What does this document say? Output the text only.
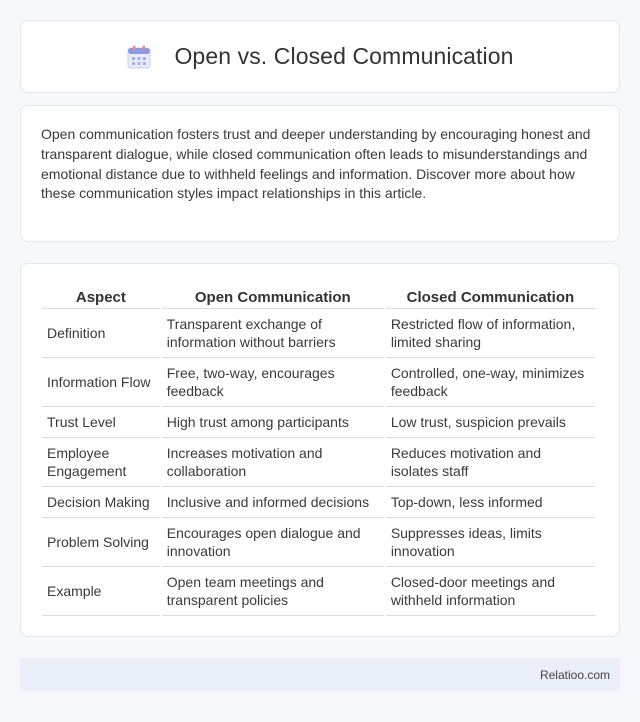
Open vs. Closed Communication

Open communication fosters trust and deeper understanding by encouraging honest and transparent dialogue, while closed communication often leads to misunderstandings and emotional distance due to withheld feelings and information. Discover more about how these communication styles impact relationships in this article.

Aspect	Open Communication	Closed Communication
Definition	Transparent exchange of information without barriers	Restricted flow of information, limited sharing
Information Flow	Free, two-way, encourages feedback	Controlled, one-way, minimizes feedback
Trust Level	High trust among participants	Low trust, suspicion prevails
Employee Engagement	Increases motivation and collaboration	Reduces motivation and isolates staff
Decision Making	Inclusive and informed decisions	Top-down, less informed
Problem Solving	Encourages open dialogue and innovation	Suppresses ideas, limits innovation
Example	Open team meetings and transparent policies	Closed-door meetings and withheld information
Relatioo.com
